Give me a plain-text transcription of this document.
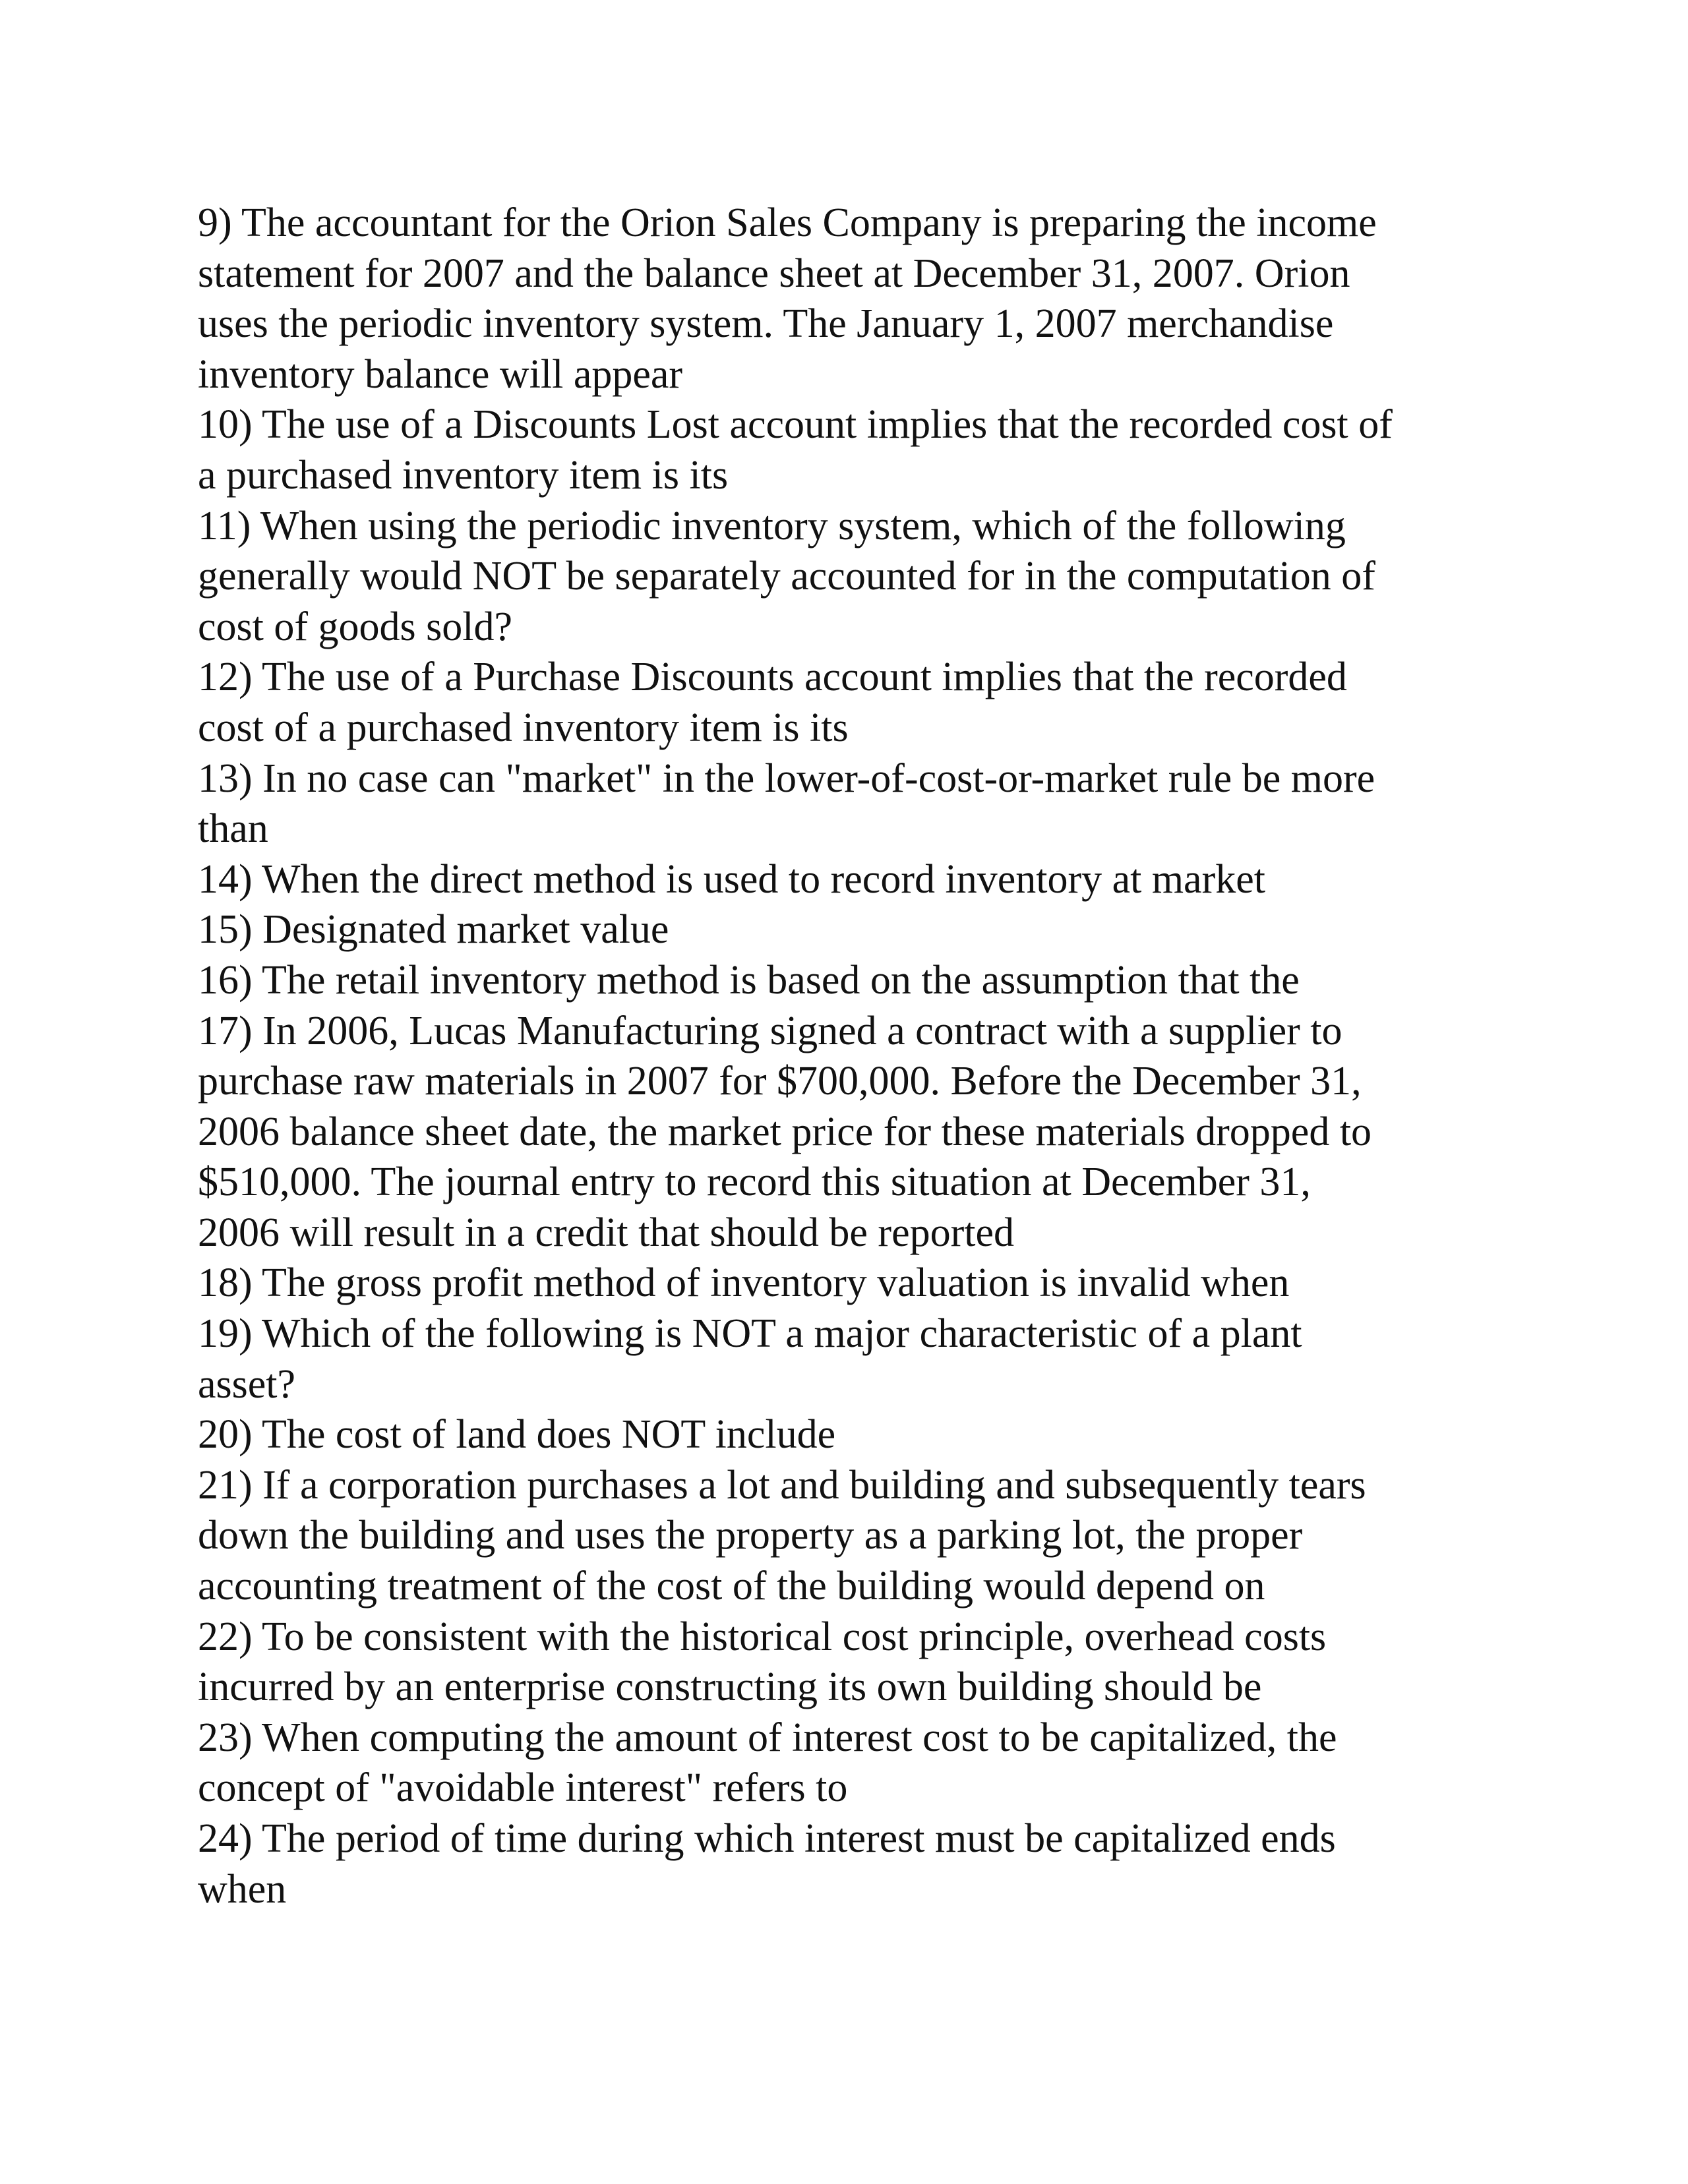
9) The accountant for the Orion Sales Company is preparing the income
statement for 2007 and the balance sheet at December 31, 2007. Orion
uses the periodic inventory system. The January 1, 2007 merchandise
inventory balance will appear
10) The use of a Discounts Lost account implies that the recorded cost of
a purchased inventory item is its
11) When using the periodic inventory system, which of the following
generally would NOT be separately accounted for in the computation of
cost of goods sold?
12) The use of a Purchase Discounts account implies that the recorded
cost of a purchased inventory item is its
13) In no case can "market" in the lower-of-cost-or-market rule be more
than
14) When the direct method is used to record inventory at market
15) Designated market value
16) The retail inventory method is based on the assumption that the
17) In 2006, Lucas Manufacturing signed a contract with a supplier to
purchase raw materials in 2007 for $700,000. Before the December 31,
2006 balance sheet date, the market price for these materials dropped to
$510,000. The journal entry to record this situation at December 31,
2006 will result in a credit that should be reported
18) The gross profit method of inventory valuation is invalid when
19) Which of the following is NOT a major characteristic of a plant
asset?
20) The cost of land does NOT include
21) If a corporation purchases a lot and building and subsequently tears
down the building and uses the property as a parking lot, the proper
accounting treatment of the cost of the building would depend on
22) To be consistent with the historical cost principle, overhead costs
incurred by an enterprise constructing its own building should be
23) When computing the amount of interest cost to be capitalized, the
concept of "avoidable interest" refers to
24) The period of time during which interest must be capitalized ends
when
